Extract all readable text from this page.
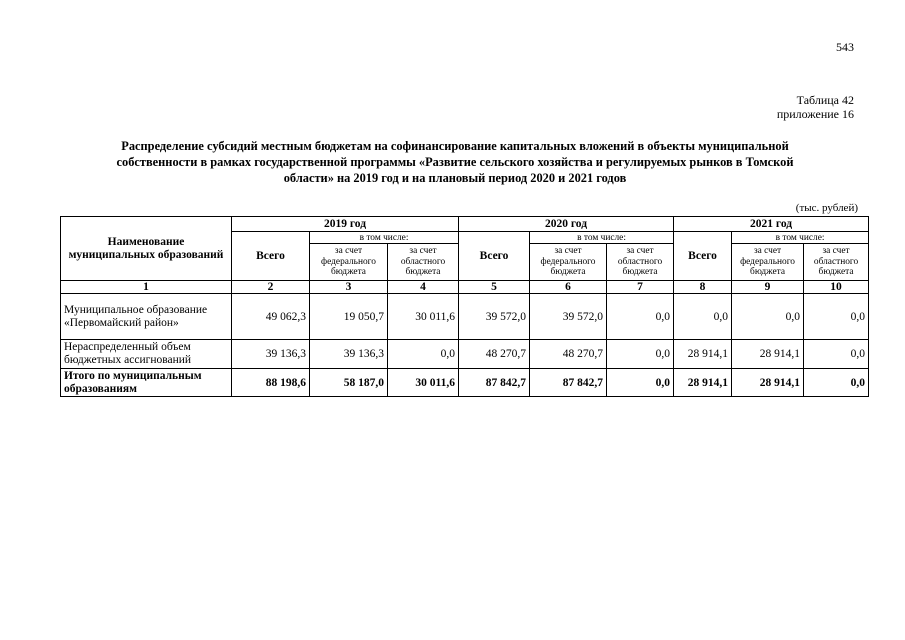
543
Таблица 42
приложение 16
Распределение субсидий местным бюджетам на софинансирование капитальных вложений в объекты муниципальной
собственности в рамках государственной программы «Развитие сельского хозяйства и регулируемых рынков в Томской
области» на 2019 год и на плановый период 2020 и 2021 годов
(тыс. рублей)
Наименование муниципальных образований	2019 год			2020 год			2021 год		
	Всего	в том числе:		Всего	в том числе:		Всего	в том числе:	
		за счет федерального бюджета	за счет областного бюджета		за счет федерального бюджета	за счет областного бюджета		за счет федерального бюджета	за счет областного бюджета
1	2	3	4	5	6	7	8	9	10
Муниципальное образование «Первомайский район»	49 062,3	19 050,7	30 011,6	39 572,0	39 572,0	0,0	0,0	0,0	0,0
Нераспределенный объем бюджетных ассигнований	39 136,3	39 136,3	0,0	48 270,7	48 270,7	0,0	28 914,1	28 914,1	0,0
Итого по муниципальным образованиям	88 198,6	58 187,0	30 011,6	87 842,7	87 842,7	0,0	28 914,1	28 914,1	0,0
